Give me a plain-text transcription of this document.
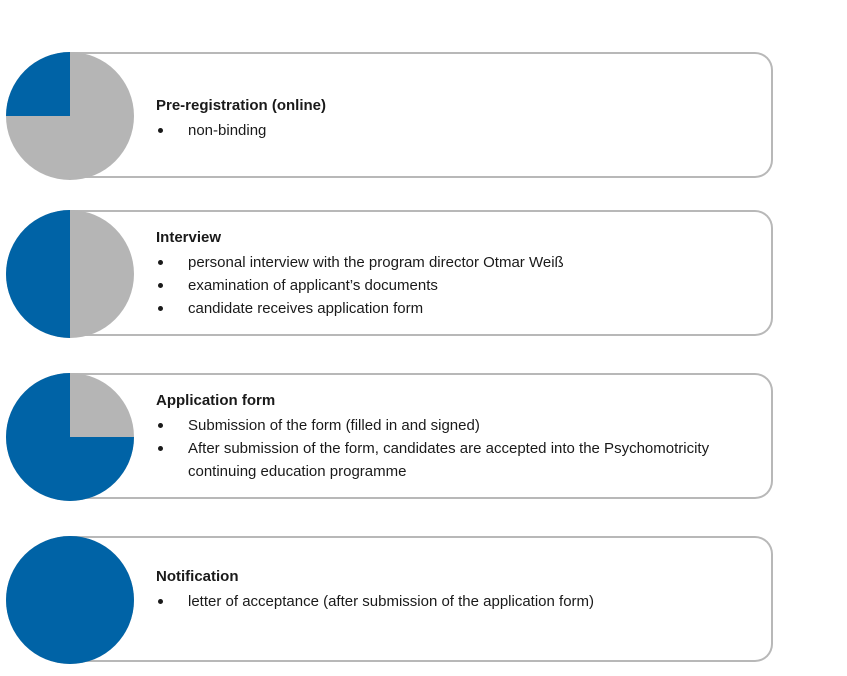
Pre-registration (online)
non-binding
Interview
personal interview with the program director Otmar Weiß
examination of applicant’s documents
candidate receives application form
Application form
Submission of the form (filled in and signed)
After submission of the form, candidates are accepted into the Psychomotricity continuing education programme
Notification
letter of acceptance (after submission of the application form)
